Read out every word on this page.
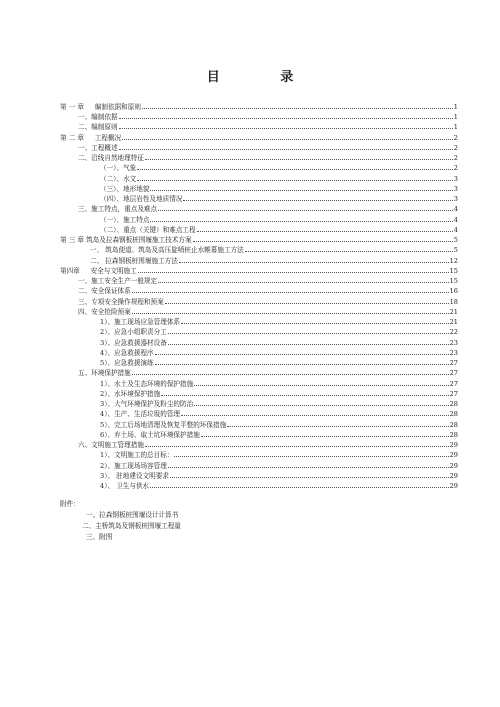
目 录
第 一 章 　 编制依据和原则	1
一、编制依据	1
二、编制原则	1
第 二 章 　 工程概况	2
一、工程概述	2
二、沿线自然地理特征	2
（一）、气象	2
（二）、水文	3
（三）、地形地貌	3
（四）、地层岩性及地质情况	3
三、施工特点，重点及难点	4
（一）、施工特点	4
（二）、重点（关键）和难点工程	4
第 三 章 筑岛及拉森钢板桩围堰施工技术方案	5
一、 筑岛便道、筑岛及高压旋喷桩止水帷幕施工方法	5
二、 拉森钢板桩围堰施工方法	12
第四章 　 安全与文明施工	15
一、施工安全生产一般规定	15
二、安全保证体系	16
三、专项安全操作规程和预案	18
四、安全抢险预案	21
1）、施工现场应急管理体系	21
2）、应急小组职责分工	22
3）、应急救援器材设备	23
4）、应急救援程序	23
5）、应急救援演练	27
五、环境保护措施	27
1）、水土及生态环境的保护措施	27
2）、水环境保护措施	27
3）、大气环境保护及粉尘的防治	28
4）、生产、生活垃圾的管理	28
5）、完工后场地清理及恢复平整的环保措施	28
6）、弃土场、取土坑环境保护措施	28
六、文明施工管理措施	29
1）、文明施工的总目标：	29
2）、施工现场场容管理	29
3）、 驻地建设文明要求	29
4）、 卫生与供水	29
附件：
一、拉森钢板桩围堰设计计算书
二、主桥筑岛及钢板桩围堰工程量
三、附图
